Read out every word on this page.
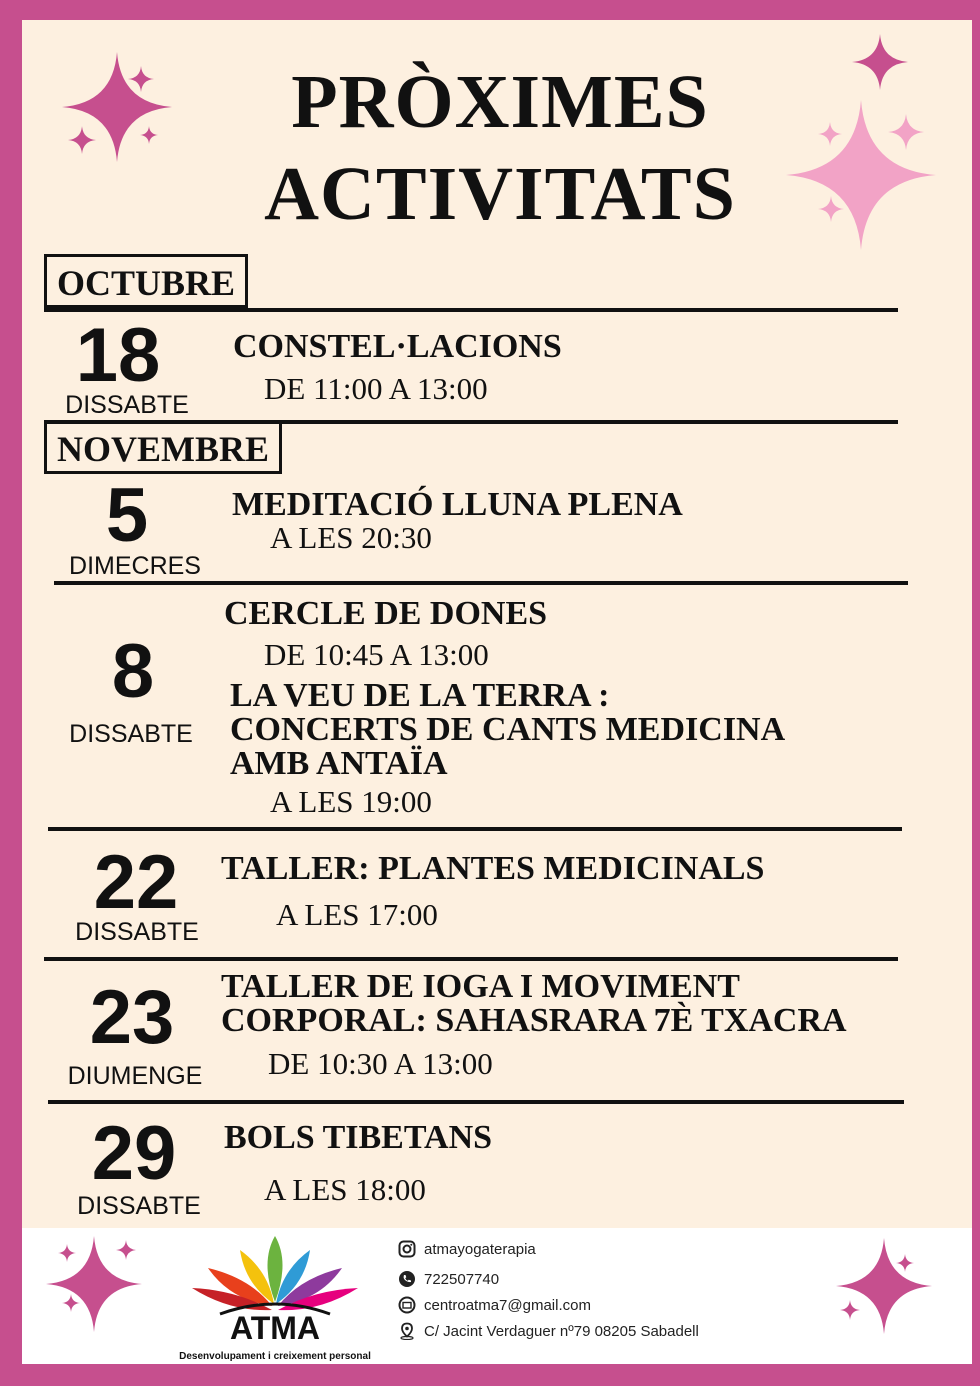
PRÒXIMES
ACTIVITATS
OCTUBRE
18
DISSABTE
CONSTEL·LACIONS
DE 11:00 A 13:00
NOVEMBRE
5
DIMECRES
MEDITACIÓ LLUNA PLENA
A LES 20:30
8
DISSABTE
CERCLE DE DONES
DE 10:45 A 13:00
LA VEU DE LA TERRA :
CONCERTS DE CANTS MEDICINA
AMB ANTAÏA
A LES 19:00
22
DISSABTE
TALLER: PLANTES MEDICINALS
A LES 17:00
23
DIUMENGE
TALLER DE IOGA I MOVIMENT
CORPORAL: SAHASRARA 7È TXACRA
DE 10:30 A 13:00
29
DISSABTE
BOLS TIBETANS
A LES 18:00
ATMA
Desenvolupament i creixement personal
atmayogaterapia
722507740
centroatma7@gmail.com
C/ Jacint Verdaguer nº79 08205 Sabadell
